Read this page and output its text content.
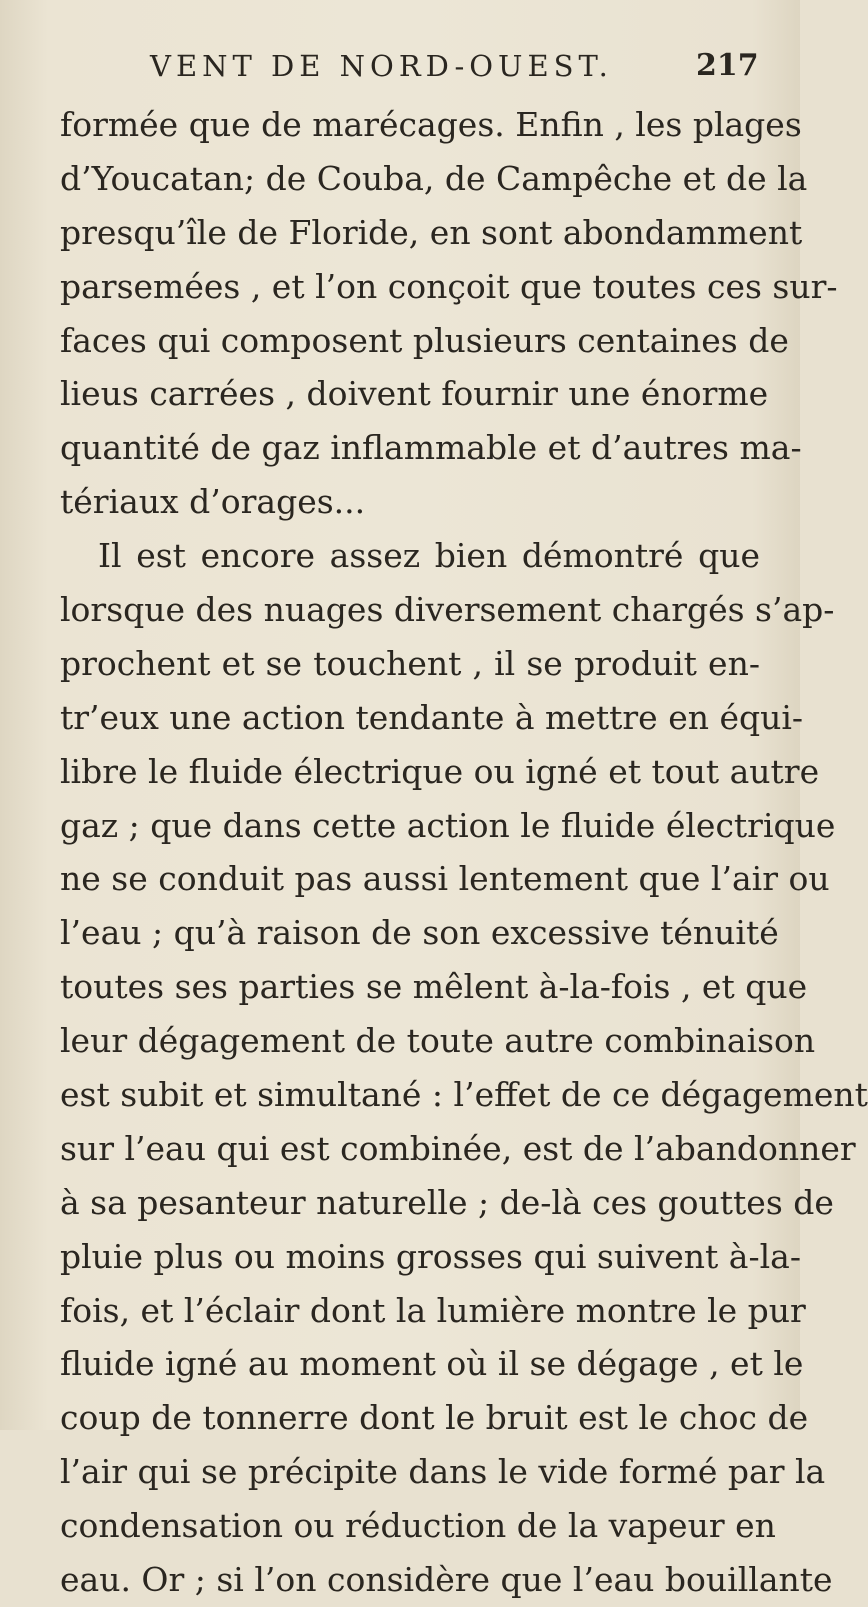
VENT DE NORD-OUEST.	217
formée que de marécages. Enfin , les plages
d’Youcatan; de Couba, de Campêche et de la
presqu’île de Floride, en sont abondamment
parsemées , et l’on conçoit que toutes ces sur-
faces qui composent plusieurs centaines de
lieus carrées , doivent fournir une énorme
quantité de gaz inflammable et d’autres ma-
tériaux d’orages...
Il est encore assez bien démontré que
lorsque des nuages diversement chargés s’ap-
prochent et se touchent , il se produit en-
tr’eux une action tendante à mettre en équi-
libre le fluide électrique ou igné et tout autre
gaz ; que dans cette action le fluide électrique
ne se conduit pas aussi lentement que l’air ou
l’eau ; qu’à raison de son excessive ténuité
toutes ses parties se mêlent à-la-fois , et que
leur dégagement de toute autre combinaison
est subit et simultané : l’effet de ce dégagement
sur l’eau qui est combinée, est de l’abandonner
à sa pesanteur naturelle ; de-là ces gouttes de
pluie plus ou moins grosses qui suivent à-la-
fois, et l’éclair dont la lumière montre le pur
fluide igné au moment où il se dégage , et le
coup de tonnerre dont le bruit est le choc de
l’air qui se précipite dans le vide formé par la
condensation ou réduction de la vapeur en
eau. Or ; si l’on considère que l’eau bouillante
